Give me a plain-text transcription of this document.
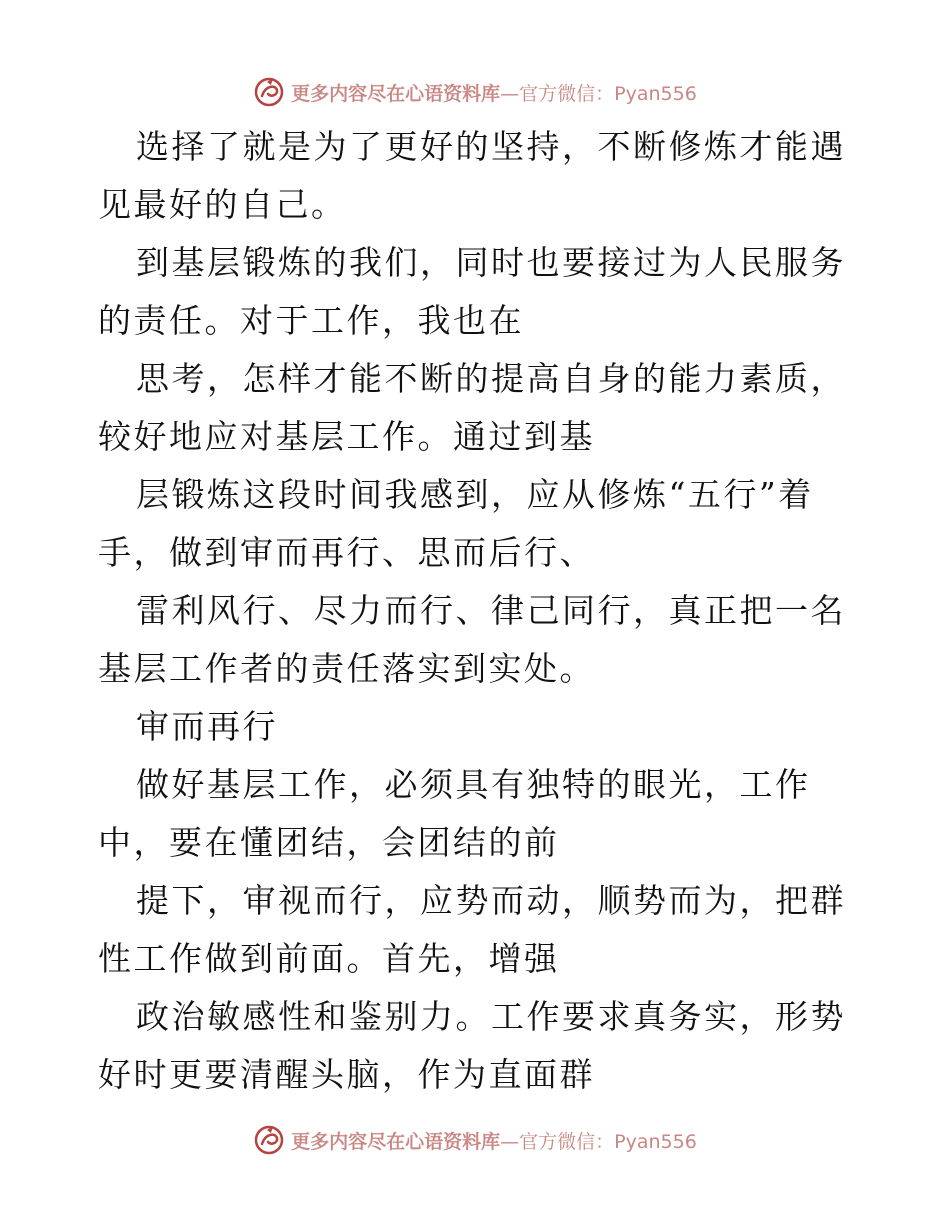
更多内容尽在心语资料库—官方微信：Pyan556

选择了就是为了更好的坚持，不断修炼才能遇见最好的自己。

到基层锻炼的我们，同时也要接过为人民服务的责任。对于工作，我也在

思考，怎样才能不断的提高自身的能力素质，较好地应对基层工作。通过到基

层锻炼这段时间我感到，应从修炼“五行”着手，做到审而再行、思而后行、

雷利风行、尽力而行、律己同行，真正把一名基层工作者的责任落实到实处。

审而再行

做好基层工作，必须具有独特的眼光，工作中，要在懂团结，会团结的前

提下，审视而行，应势而动，顺势而为，把群性工作做到前面。首先，增强

政治敏感性和鉴别力。工作要求真务实，形势好时更要清醒头脑，作为直面群

更多内容尽在心语资料库—官方微信：Pyan556
